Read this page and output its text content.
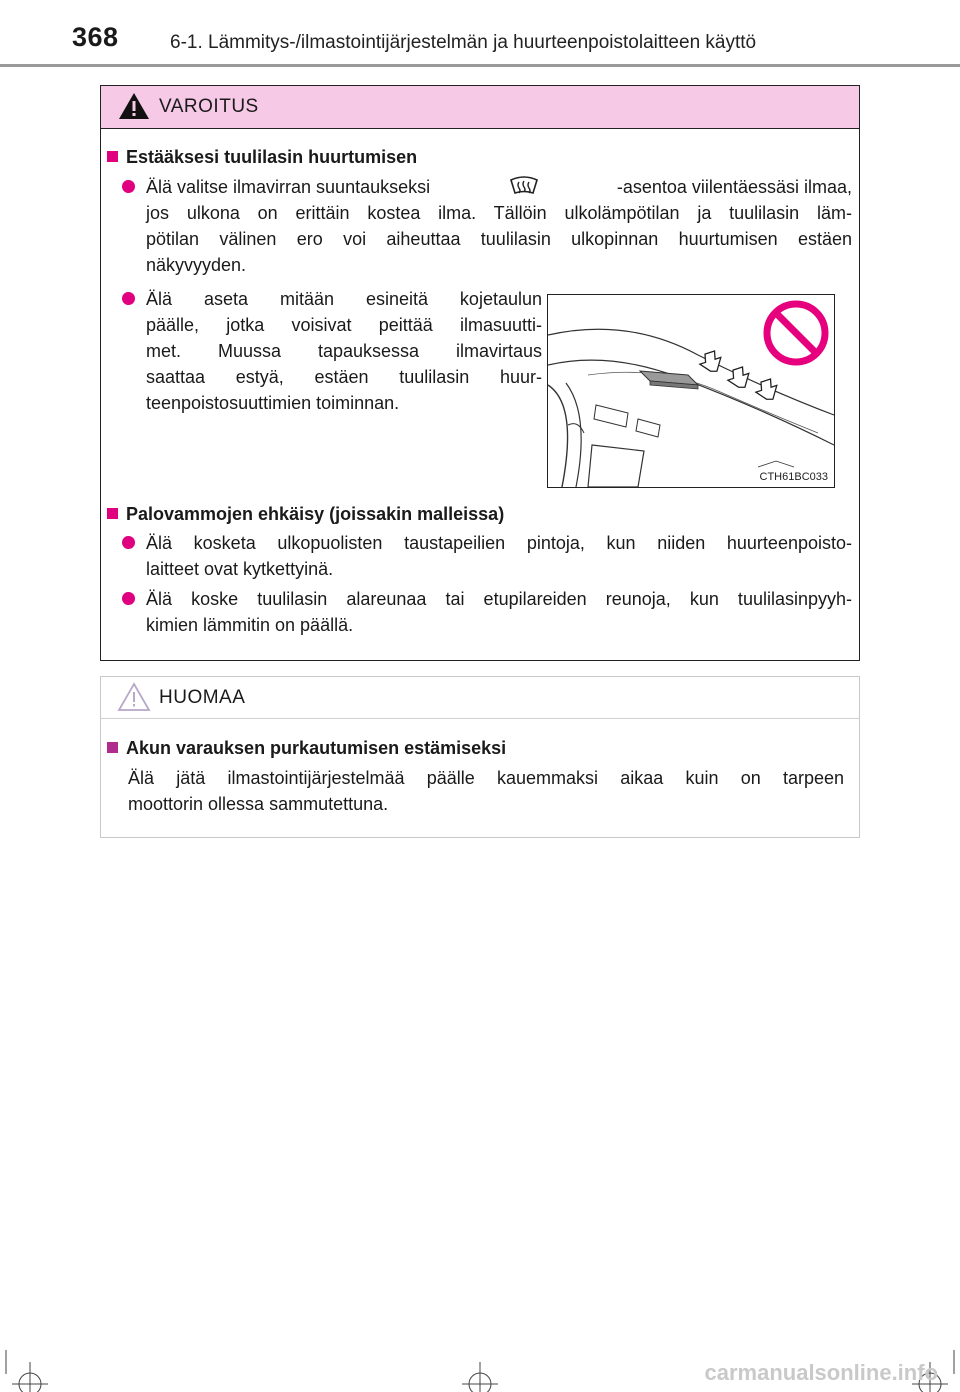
368	6-1. Lämmitys-/ilmastointijärjestelmän ja huurteenpoistolaitteen käyttö
VAROITUS
Estääksesi tuulilasin huurtumisen
Älä valitse ilmavirran suuntaukseksi	-asentoa viilentäessäsi ilmaa,
jos ulkona on erittäin kostea ilma. Tällöin ulkolämpötilan ja tuulilasin läm-
pötilan välinen ero voi aiheuttaa tuulilasin ulkopinnan huurtumisen estäen
näkyvyyden.
Älä aseta mitään esineitä kojetaulun
päälle, jotka voisivat peittää ilmasuutti-
met. Muussa tapauksessa ilmavirtaus
saattaa estyä, estäen tuulilasin huur-
teenpoistosuuttimien toiminnan.
CTH61BC033
Palovammojen ehkäisy (joissakin malleissa)
Älä kosketa ulkopuolisten taustapeilien pintoja, kun niiden huurteenpoisto-
laitteet ovat kytkettyinä.
Älä koske tuulilasin alareunaa tai etupilareiden reunoja, kun tuulilasinpyyh-
kimien lämmitin on päällä.
HUOMAA
Akun varauksen purkautumisen estämiseksi
Älä jätä ilmastointijärjestelmää päälle kauemmaksi aikaa kuin on tarpeen
moottorin ollessa sammutettuna.
carmanualsonline.info
